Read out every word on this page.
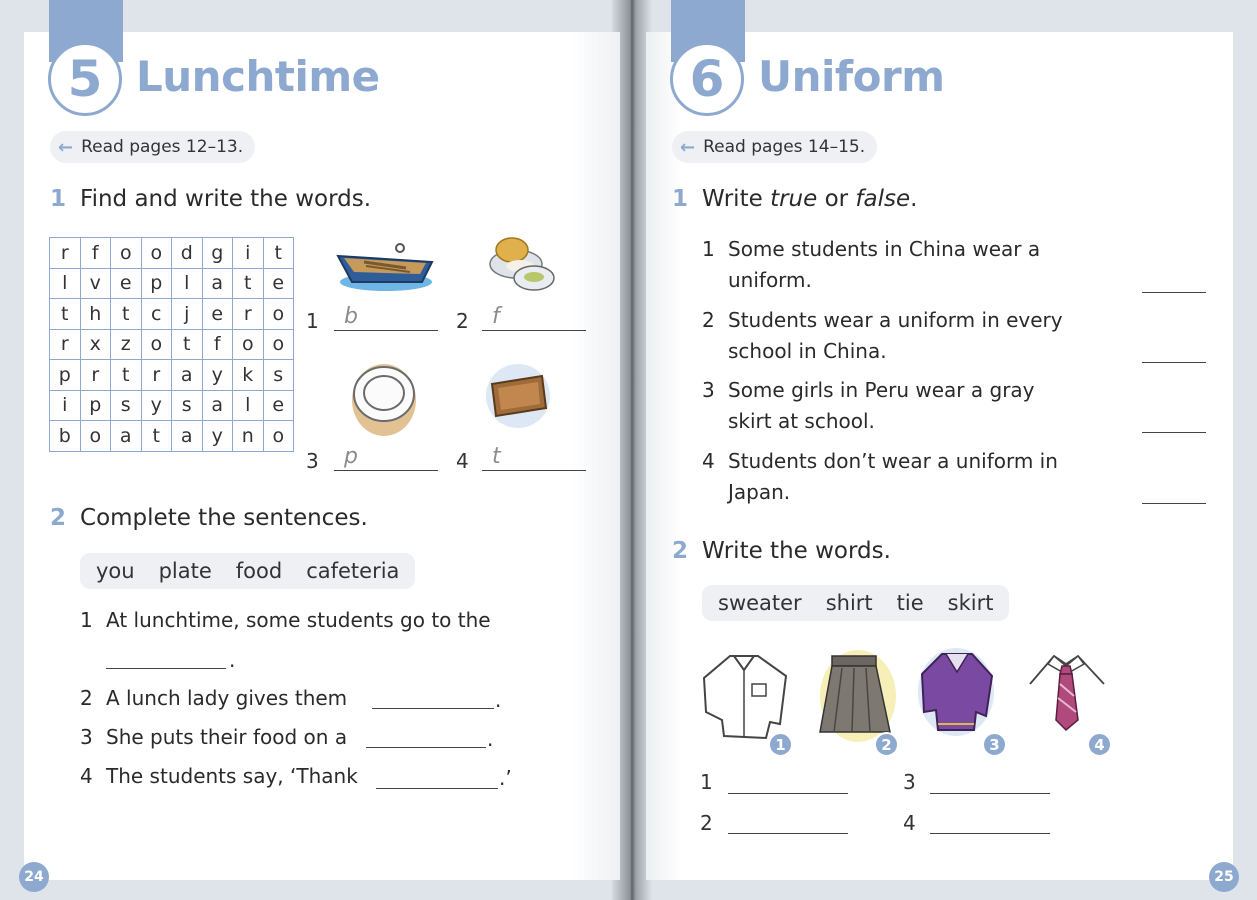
5 Lunchtime
← Read pages 12–13.
1 Find and write the words.
r	f	o	o	d	g	i	t
l	v	e	p	l	a	t	e
t	h	t	c	j	e	r	o
r	x	z	o	t	f	o	o
p	r	t	r	a	y	k	s
i	p	s	y	s	a	l	e
b	o	a	t	a	y	n	o
1 b	2 f
3 p	4 t
2 Complete the sentences.
you plate food cafeteria
1 At lunchtime, some students go to the
.
2 A lunch lady gives them	.
3 She puts their food on a	.
4 The students say, ‘Thank	.’
24
6 Uniform
← Read pages 14–15.
1 Write true or false.
1 Some students in China wear a
uniform.
2 Students wear a uniform in every
school in China.
3 Some girls in Peru wear a gray
skirt at school.
4 Students don’t wear a uniform in
Japan.
2 Write the words.
sweater shirt tie skirt
1	2	3	4
1	3
2	4
25
